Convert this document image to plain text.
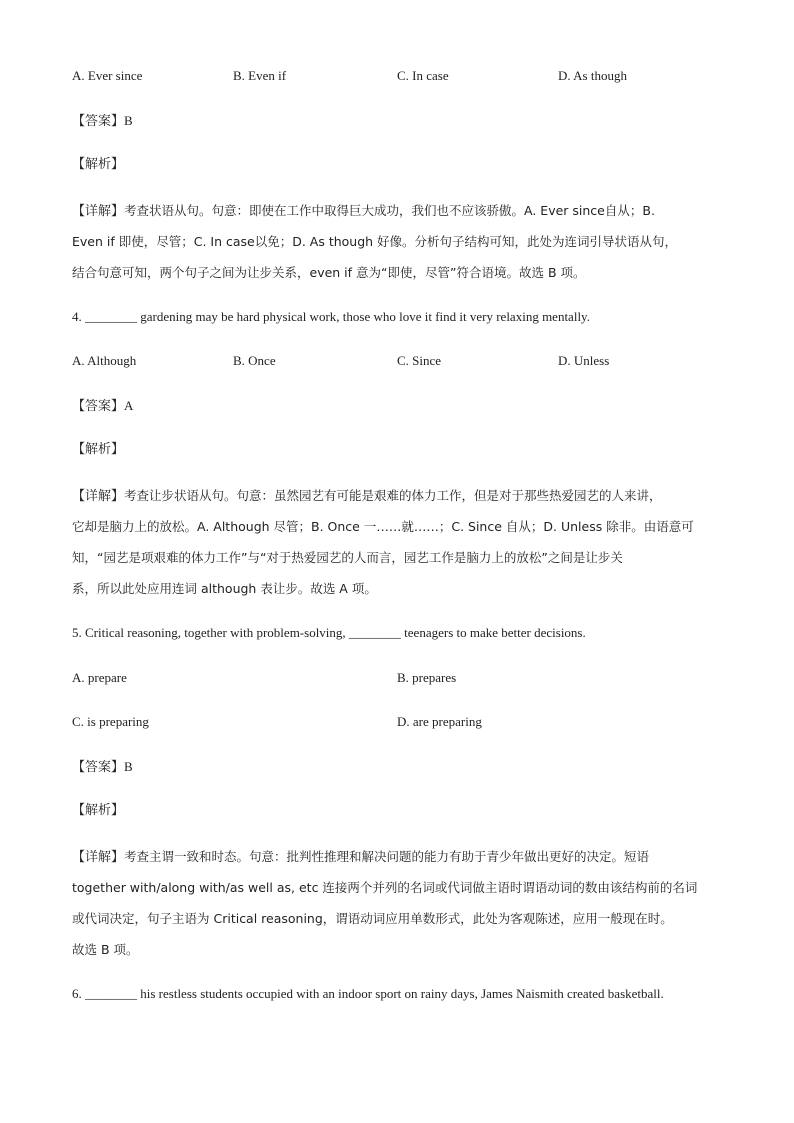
A. Ever since	B. Even if	C. In case	D. As though
【答案】B
【解析】
【详解】考查状语从句。句意：即使在工作中取得巨大成功，我们也不应该骄傲。A. Ever since自从；B.
Even if 即使，尽管；C. In case以免；D. As though 好像。分析句子结构可知，此处为连词引导状语从句，
结合句意可知，两个句子之间为让步关系，even if 意为“即使，尽管”符合语境。故选 B 项。
4. ________ gardening may be hard physical work, those who love it find it very relaxing mentally.
A. Although	B. Once	C. Since	D. Unless
【答案】A
【解析】
【详解】考查让步状语从句。句意：虽然园艺有可能是艰难的体力工作，但是对于那些热爱园艺的人来讲，
它却是脑力上的放松。A. Although 尽管；B. Once 一……就……；C. Since 自从；D. Unless 除非。由语意可
知，“园艺是项艰难的体力工作”与“对于热爱园艺的人而言，园艺工作是脑力上的放松”之间是让步关
系，所以此处应用连词 although 表让步。故选 A 项。
5. Critical reasoning, together with problem-solving, ________ teenagers to make better decisions.
A. prepare	B. prepares
C. is preparing	D. are preparing
【答案】B
【解析】
【详解】考查主谓一致和时态。句意：批判性推理和解决问题的能力有助于青少年做出更好的决定。短语
together with/along with/as well as, etc 连接两个并列的名词或代词做主语时谓语动词的数由该结构前的名词
或代词决定，句子主语为 Critical reasoning，谓语动词应用单数形式，此处为客观陈述，应用一般现在时。
故选 B 项。
6. ________ his restless students occupied with an indoor sport on rainy days, James Naismith created basketball.
